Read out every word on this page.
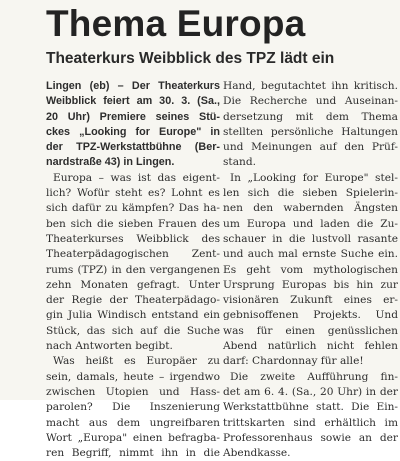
Thema Europa
Theaterkurs Weibblick des TPZ lädt ein
Lingen (eb) – Der Theaterkurs
Weibblick feiert am 30. 3. (Sa.,
20 Uhr) Premiere seines Stü-
ckes „Looking for Europe" in
der TPZ-Werkstattbühne (Ber-
nardstraße 43) in Lingen.
Europa – was ist das eigent-
lich? Wofür steht es? Lohnt es
sich dafür zu kämpfen? Das ha-
ben sich die sieben Frauen des
Theaterkurses Weibblick des
Theaterpädagogischen Zent-
rums (TPZ) in den vergangenen
zehn Monaten gefragt. Unter
der Regie der Theaterpädago-
gin Julia Windisch entstand ein
Stück, das sich auf die Suche
nach Antworten begibt.
Was heißt es Europäer zu
sein, damals, heute – irgendwo
zwischen Utopien und Hass-
parolen? Die Inszenierung
macht aus dem ungreifbaren
Wort „Europa" einen befragba-
ren Begriff, nimmt ihn in die
Hand, begutachtet ihn kritisch.
Die Recherche und Auseinan-
dersetzung mit dem Thema
stellten persönliche Haltungen
und Meinungen auf den Prüf-
stand.
In „Looking for Europe" stel-
len sich die sieben Spielerin-
nen den wabernden Ängsten
um Europa und laden die Zu-
schauer in die lustvoll rasante
und auch mal ernste Suche ein.
Es geht vom mythologischen
Ursprung Europas bis hin zur
visionären Zukunft eines er-
gebnisoffenen Projekts. Und
was für einen genüsslichen
Abend natürlich nicht fehlen
darf: Chardonnay für alle!
Die zweite Aufführung fin-
det am 6. 4. (Sa., 20 Uhr) in der
Werkstattbühne statt. Die Ein-
trittskarten sind erhältlich im
Professorenhaus sowie an der
Abendkasse.
